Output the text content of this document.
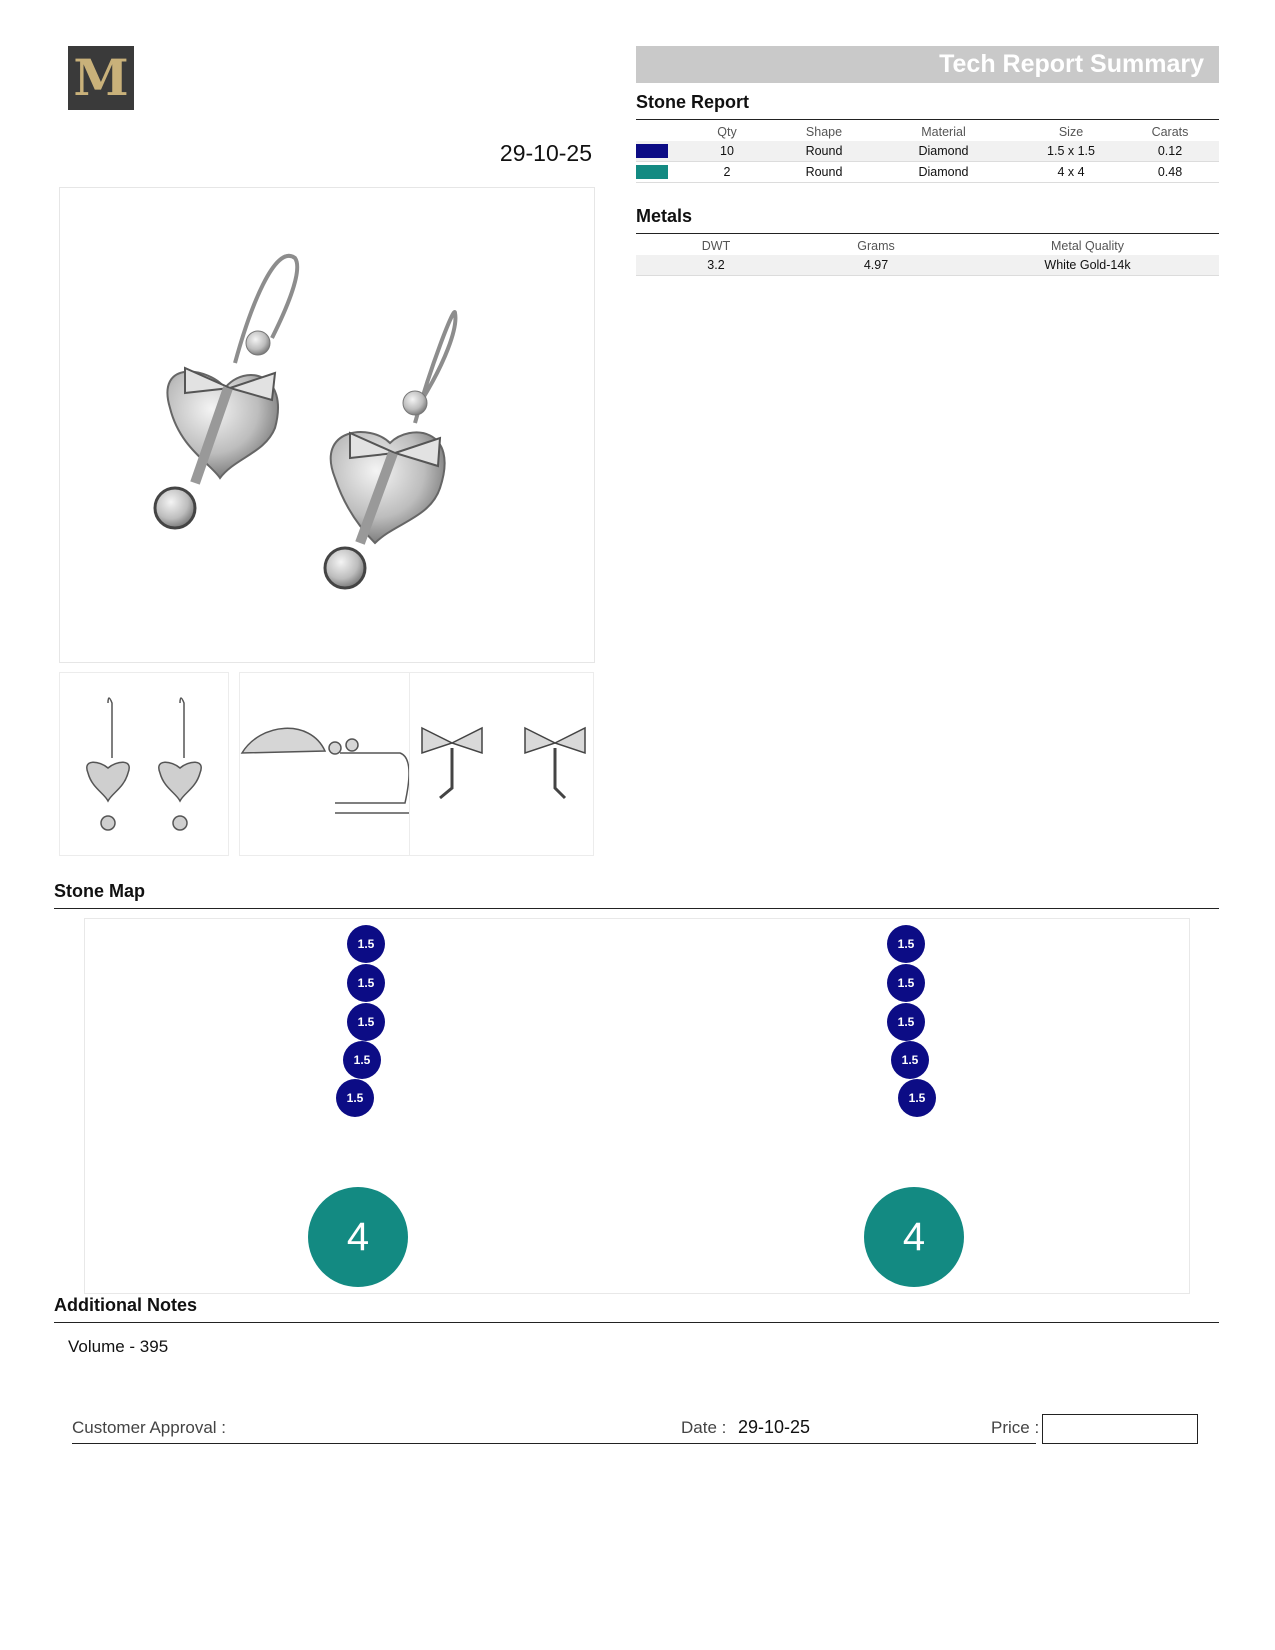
M
29-10-25
Tech Report Summary
Stone Report
	Qty	Shape	Material	Size	Carats
	10	Round	Diamond	1.5 x 1.5	0.12
	2	Round	Diamond	4 x 4	0.48
Metals
DWT	Grams	Metal Quality
3.2	4.97	White Gold-14k
Stone Map
1.5
1.5
1.5
1.5
1.5
4
1.5
1.5
1.5
1.5
1.5
4
Additional Notes
Volume - 395
Customer Approval :	Date : 29-10-25	Price :
